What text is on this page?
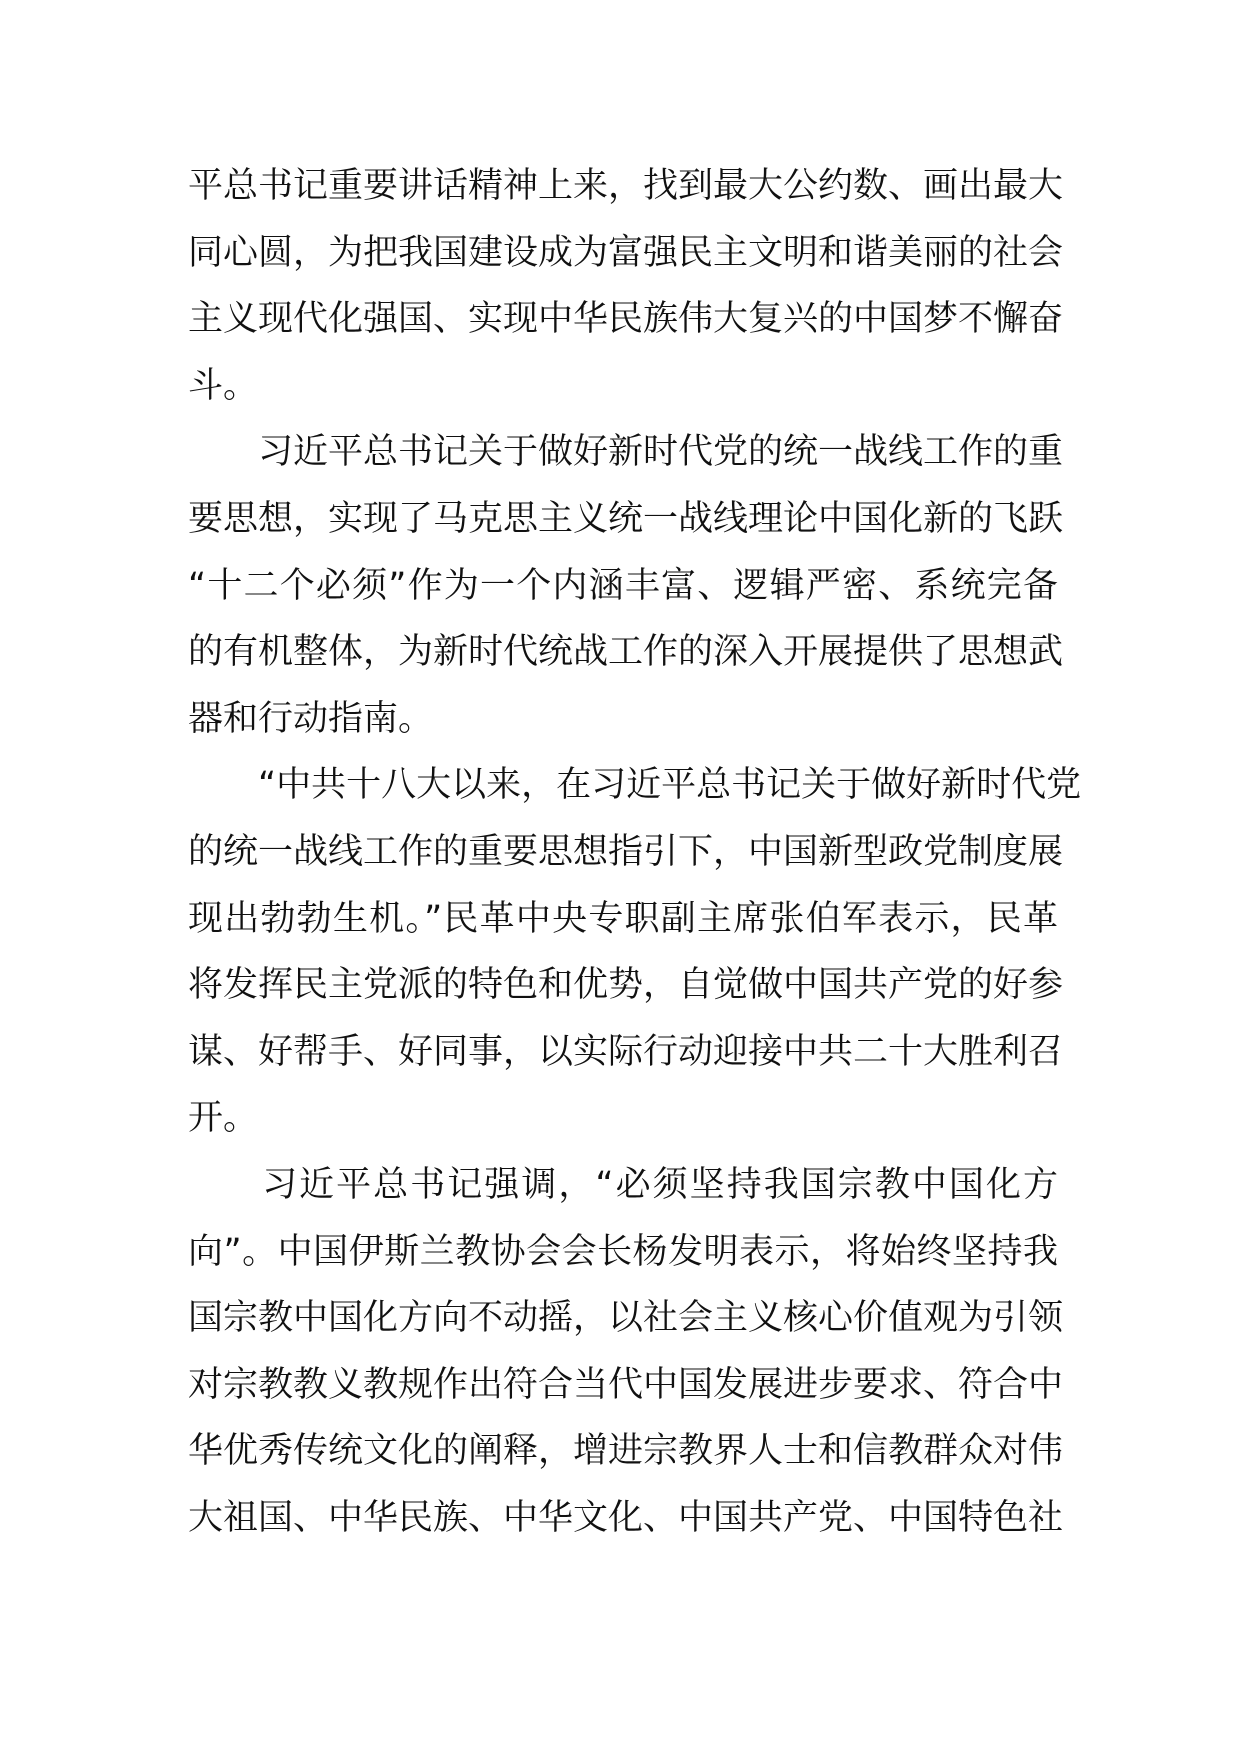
平总书记重要讲话精神上来，找到最大公约数、画出最大
同心圆，为把我国建设成为富强民主文明和谐美丽的社会
主义现代化强国、实现中华民族伟大复兴的中国梦不懈奋
斗。
　　习近平总书记关于做好新时代党的统一战线工作的重
要思想，实现了马克思主义统一战线理论中国化新的飞跃
“十二个必须”作为一个内涵丰富、逻辑严密、系统完备
的有机整体，为新时代统战工作的深入开展提供了思想武
器和行动指南。
　　“中共十八大以来，在习近平总书记关于做好新时代党
的统一战线工作的重要思想指引下，中国新型政党制度展
现出勃勃生机。”民革中央专职副主席张伯军表示，民革
将发挥民主党派的特色和优势，自觉做中国共产党的好参
谋、好帮手、好同事，以实际行动迎接中共二十大胜利召
开。
　　习近平总书记强调，“必须坚持我国宗教中国化方
向”。中国伊斯兰教协会会长杨发明表示，将始终坚持我
国宗教中国化方向不动摇，以社会主义核心价值观为引领
对宗教教义教规作出符合当代中国发展进步要求、符合中
华优秀传统文化的阐释，增进宗教界人士和信教群众对伟
大祖国、中华民族、中华文化、中国共产党、中国特色社
